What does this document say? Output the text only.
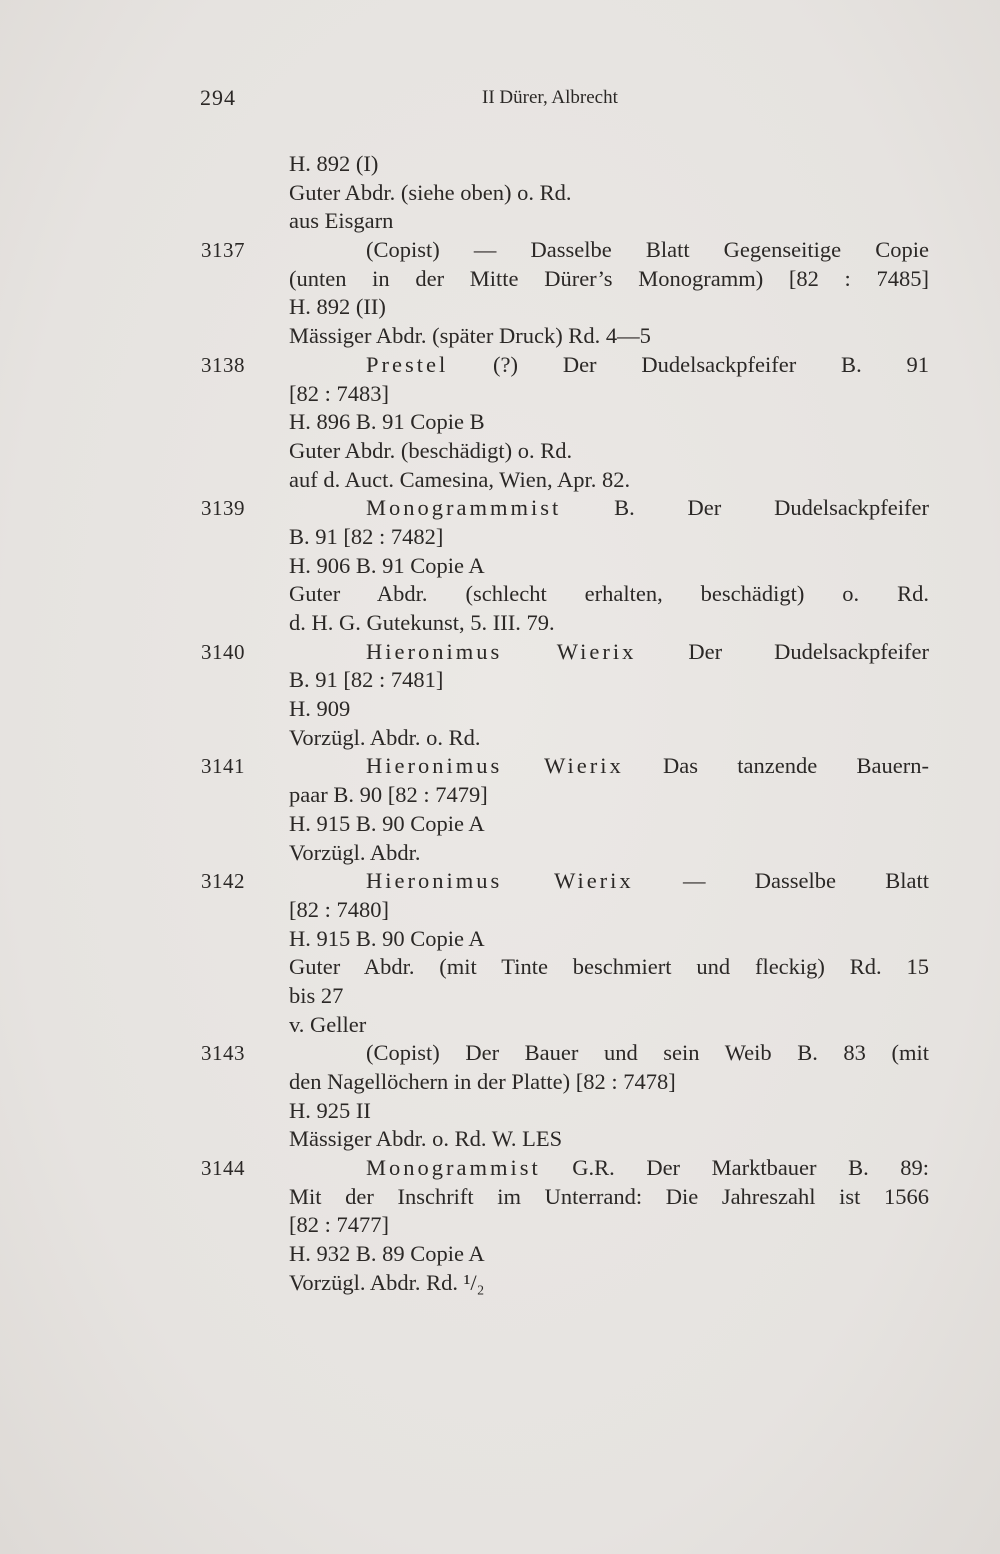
294	II Dürer, Albrecht
H. 892 (I)
Guter Abdr. (siehe oben) o. Rd.
aus Eisgarn
3137	(Copist) — Dasselbe Blatt Gegenseitige Copie
(unten in der Mitte Dürer’s Monogramm) [82 : 7485]
H. 892 (II)
Mässiger Abdr. (später Druck) Rd. 4—5
3138	Prestel (?) Der Dudelsackpfeifer B. 91
[82 : 7483]
H. 896 B. 91 Copie B
Guter Abdr. (beschädigt) o. Rd.
auf d. Auct. Camesina, Wien, Apr. 82.
3139	Monogrammmist B. Der Dudelsackpfeifer
B. 91 [82 : 7482]
H. 906 B. 91 Copie A
Guter Abdr. (schlecht erhalten, beschädigt) o. Rd.
d. H. G. Gutekunst, 5. III. 79.
3140	Hieronimus Wierix Der Dudelsackpfeifer
B. 91 [82 : 7481]
H. 909
Vorzügl. Abdr. o. Rd.
3141	Hieronimus Wierix Das tanzende Bauern-
paar B. 90 [82 : 7479]
H. 915 B. 90 Copie A
Vorzügl. Abdr.
3142	Hieronimus Wierix — Dasselbe Blatt
[82 : 7480]
H. 915 B. 90 Copie A
Guter Abdr. (mit Tinte beschmiert und fleckig) Rd. 15
bis 27
v. Geller
3143	(Copist) Der Bauer und sein Weib B. 83 (mit
den Nagellöchern in der Platte) [82 : 7478]
H. 925 II
Mässiger Abdr. o. Rd. W. LES
3144	Monogrammist G.R. Der Marktbauer B. 89:
Mit der Inschrift im Unterrand: Die Jahreszahl ist 1566
[82 : 7477]
H. 932 B. 89 Copie A
Vorzügl. Abdr. Rd. ¹/₂
